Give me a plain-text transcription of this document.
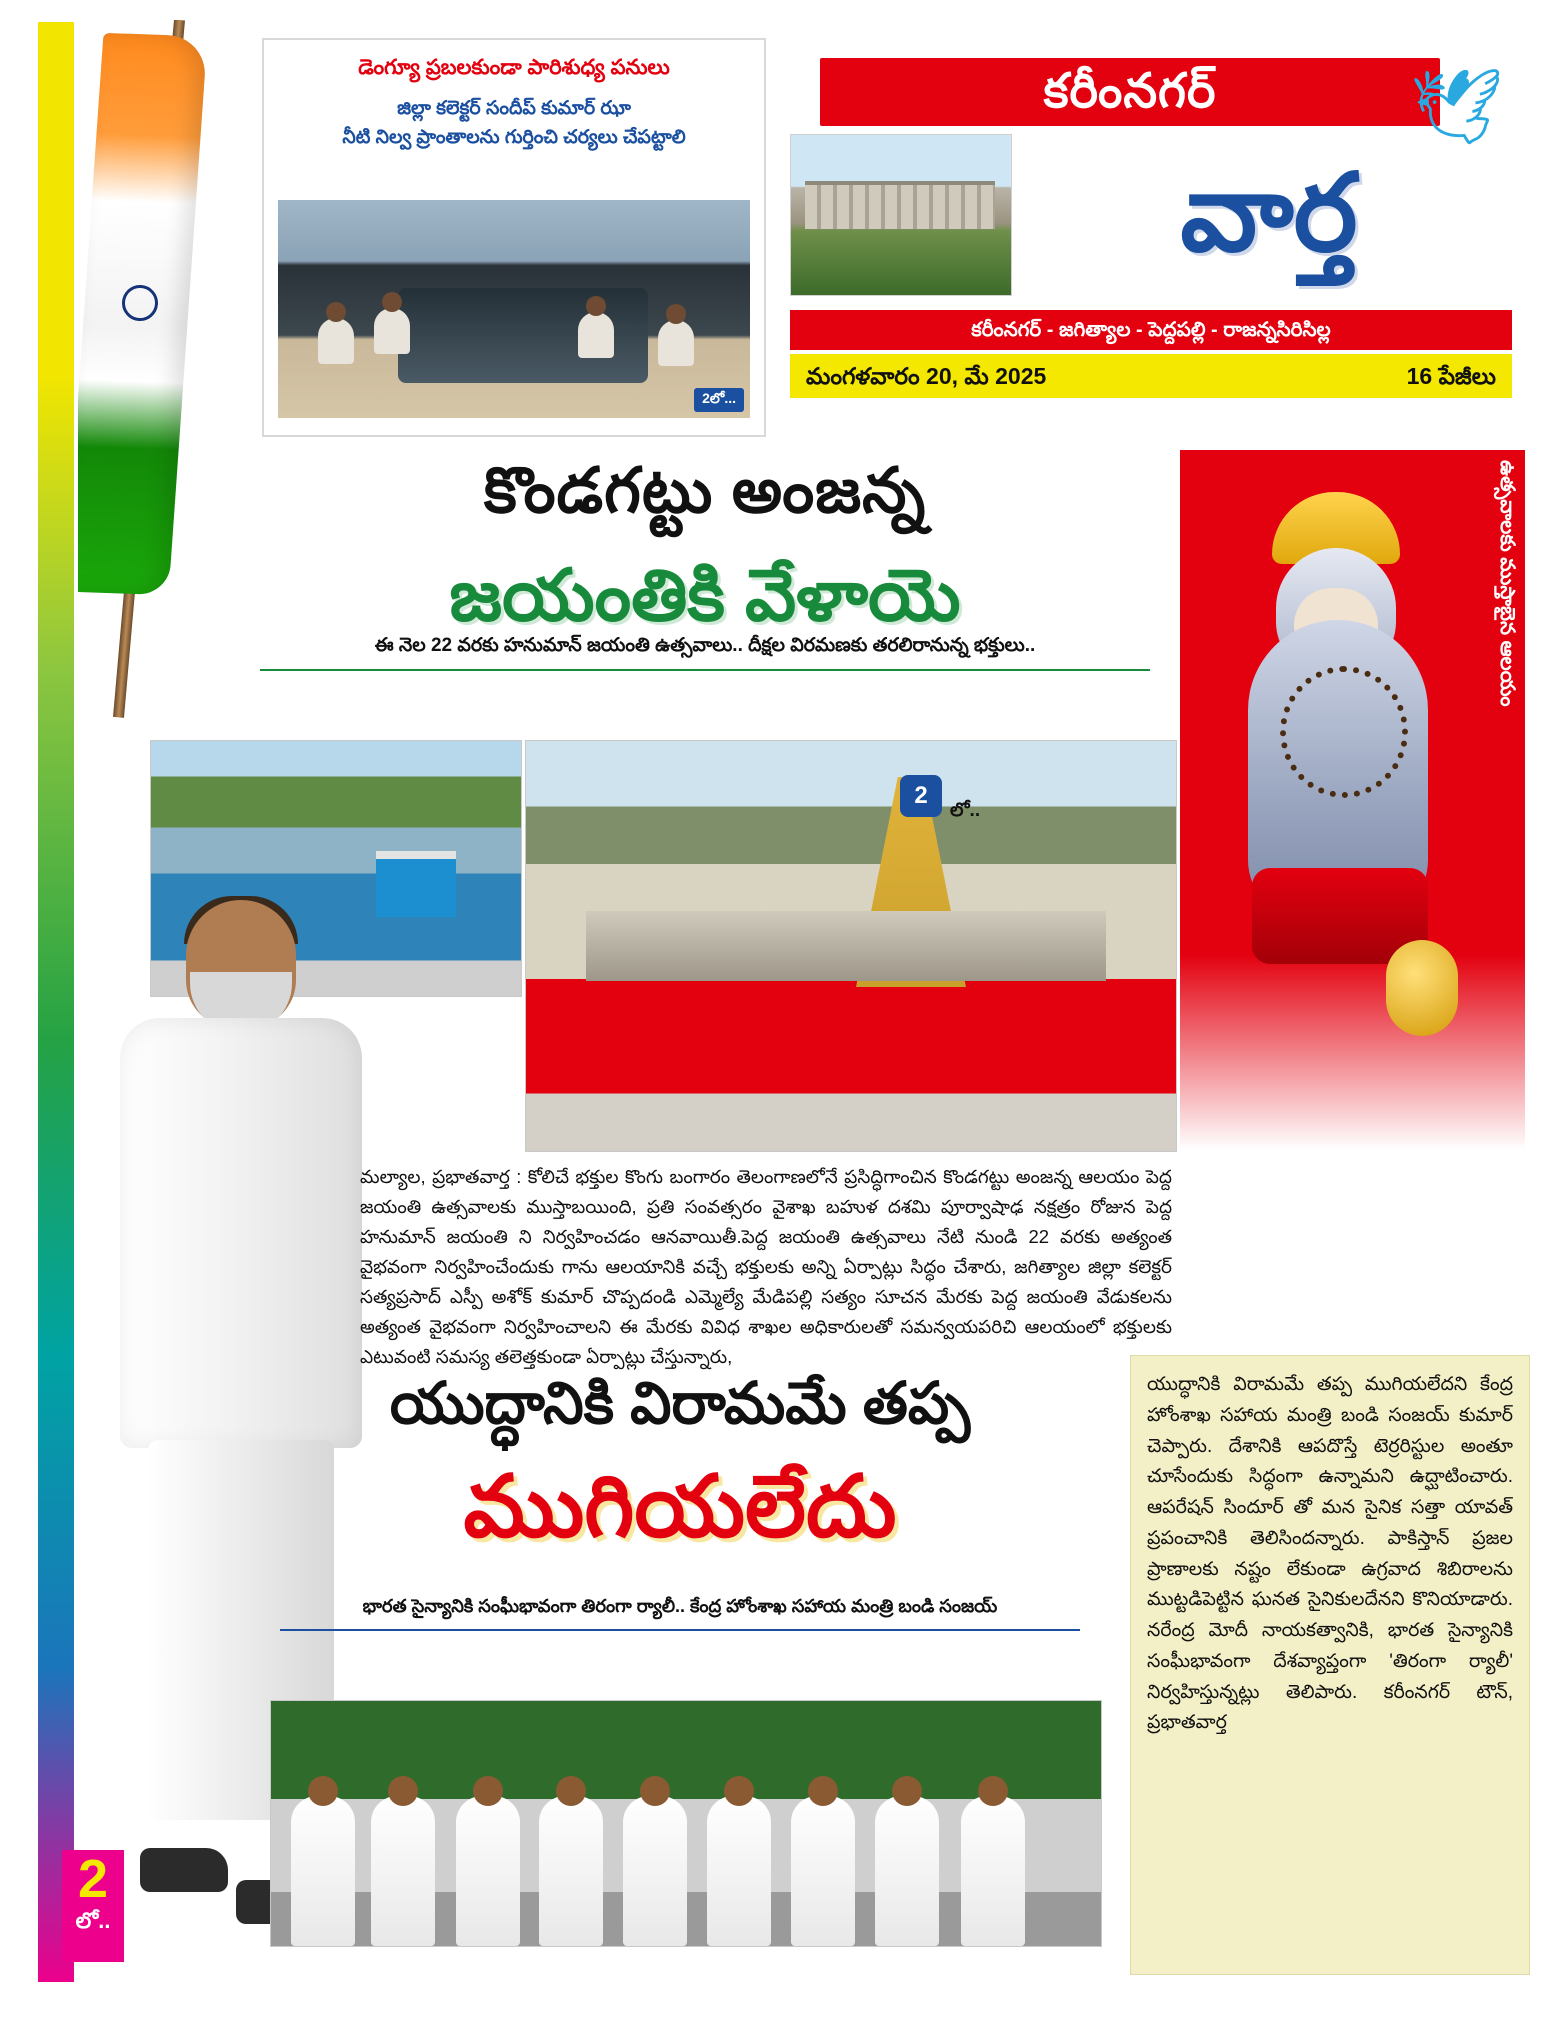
డెంగ్యూ ప్రబలకుండా పారిశుధ్య పనులు
జిల్లా కలెక్టర్ సందీప్ కుమార్ ఝా
నీటి నిల్వ ప్రాంతాలను గుర్తించి చర్యలు చేపట్టాలి
2లో...
కరీంనగర్	🕊
వార్త
కరీంనగర్ - జగిత్యాల - పెద్దపల్లి - రాజన్నసిరిసిల్ల
మంగళవారం 20, మే 2025	16 పేజీలు
కొండగట్టు అంజన్న
జయంతికి వేళాయె
ఈ నెల 22 వరకు హనుమాన్ జయంతి ఉత్సవాలు.. దీక్షల విరమణకు తరలిరానున్న భక్తులు..	ఉత్సవాలకు ముస్తాబైన ఆలయం
2
లో..
మల్యాల, ప్రభాతవార్త : కోలిచే భక్తుల కొంగు బంగారం తెలంగాణలోనే ప్రసిద్ధిగాంచిన కొండగట్టు అంజన్న ఆలయం పెద్ద జయంతి ఉత్సవాలకు ముస్తాబయింది, ప్రతి సంవత్సరం వైశాఖ బహుళ దశమి పూర్వాషాఢ నక్షత్రం రోజున పెద్ద హనుమాన్ జయంతి ని నిర్వహించడం ఆనవాయితీ.పెద్ద జయంతి ఉత్సవాలు నేటి నుండి 22 వరకు అత్యంత వైభవంగా నిర్వహించేందుకు గాను ఆలయానికి వచ్చే భక్తులకు అన్ని ఏర్పాట్లు సిద్ధం చేశారు, జగిత్యాల జిల్లా కలెక్టర్ సత్యప్రసాద్ ఎస్పీ అశోక్ కుమార్ చొప్పదండి ఎమ్మెల్యే మేడిపల్లి సత్యం సూచన మేరకు పెద్ద జయంతి వేడుకలను అత్యంత వైభవంగా నిర్వహించాలని ఈ మేరకు వివిధ శాఖల అధికారులతో సమన్వయపరిచి ఆలయంలో భక్తులకు ఎటువంటి సమస్య తలెత్తకుండా ఏర్పాట్లు చేస్తున్నారు,
యుద్ధానికి విరామమే తప్ప
ముగియలేదు
భారత సైన్యానికి సంఘీభావంగా తిరంగా ర్యాలీ.. కేంద్ర హోంశాఖ సహాయ మంత్రి బండి సంజయ్
యుద్ధానికి విరామమే తప్ప ముగియలేదని కేంద్ర హోంశాఖ సహాయ మంత్రి బండి సంజయ్ కుమార్ చెప్పారు. దేశానికి ఆపదొస్తే టెర్రరిస్టుల అంతూ చూసేందుకు సిద్ధంగా ఉన్నామని ఉద్ఘాటించారు. ఆపరేషన్ సిందూర్ తో మన సైనిక సత్తా యావత్ ప్రపంచానికి తెలిసిందన్నారు. పాకిస్తాన్ ప్రజల ప్రాణాలకు నష్టం లేకుండా ఉగ్రవాద శిబిరాలను ముట్టడిపెట్టిన ఘనత సైనికులదేనని కొనియాడారు. నరేంద్ర మోదీ నాయకత్వానికి, భారత సైన్యానికి సంఘీభావంగా దేశవ్యాప్తంగా 'తిరంగా ర్యాలీ' నిర్వహిస్తున్నట్లు తెలిపారు. కరీంనగర్ టౌన్, ప్రభాతవార్త
2
లో..
